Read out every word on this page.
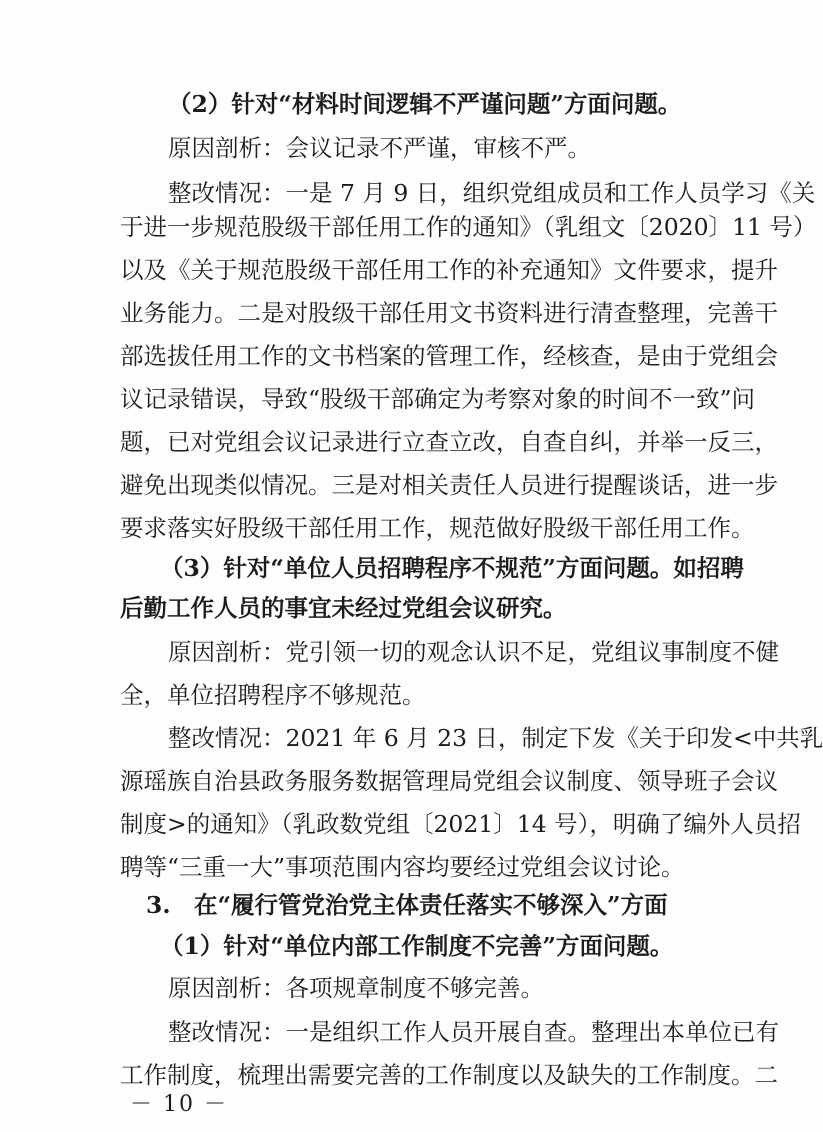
（2）针对“材料时间逻辑不严谨问题”方面问题。
原因剖析：会议记录不严谨，审核不严。
整改情况：一是 7 月 9 日，组织党组成员和工作人员学习《关
于进一步规范股级干部任用工作的通知》（乳组文〔2020〕11 号）
以及《关于规范股级干部任用工作的补充通知》文件要求，提升
业务能力。二是对股级干部任用文书资料进行清查整理，完善干
部选拔任用工作的文书档案的管理工作，经核查，是由于党组会
议记录错误，导致“股级干部确定为考察对象的时间不一致”问
题，已对党组会议记录进行立查立改，自查自纠，并举一反三，
避免出现类似情况。三是对相关责任人员进行提醒谈话，进一步
要求落实好股级干部任用工作，规范做好股级干部任用工作。
（3）针对“单位人员招聘程序不规范”方面问题。如招聘
后勤工作人员的事宜未经过党组会议研究。
原因剖析：党引领一切的观念认识不足，党组议事制度不健
全，单位招聘程序不够规范。
整改情况：2021 年 6 月 23 日，制定下发《关于印发<中共乳
源瑶族自治县政务服务数据管理局党组会议制度、领导班子会议
制度>的通知》（乳政数党组〔2021〕14 号），明确了编外人员招
聘等“三重一大”事项范围内容均要经过党组会议讨论。
3.　在“履行管党治党主体责任落实不够深入”方面
（1）针对“单位内部工作制度不完善”方面问题。
原因剖析：各项规章制度不够完善。
整改情况：一是组织工作人员开展自查。整理出本单位已有
工作制度，梳理出需要完善的工作制度以及缺失的工作制度。二
－ 10 －
